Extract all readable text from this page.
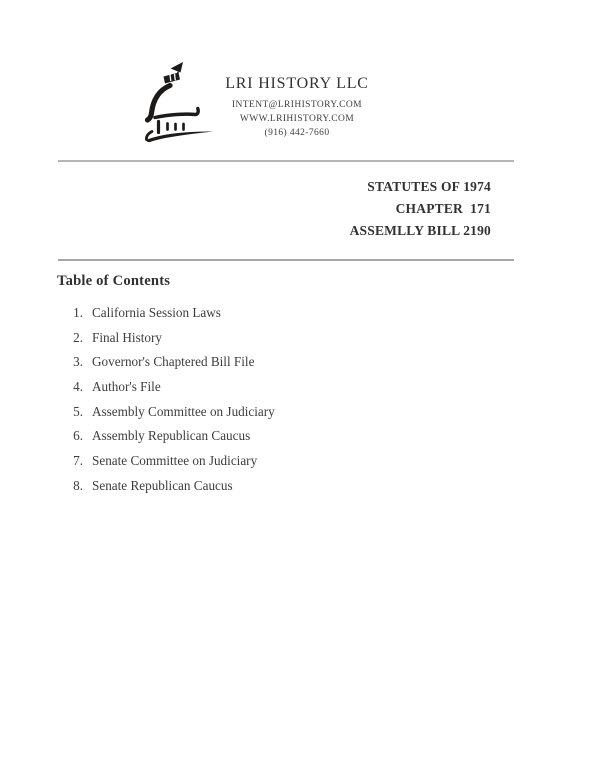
LRI HISTORY LLC
INTENT@LRIHISTORY.COM
WWW.LRIHISTORY.COM
(916) 442-7660
STATUTES OF 1974
CHAPTER  171
ASSEMLLY BILL 2190
Table of Contents
1. California Session Laws
2. Final History
3. Governor's Chaptered Bill File
4. Author's File
5. Assembly Committee on Judiciary
6. Assembly Republican Caucus
7. Senate Committee on Judiciary
8. Senate Republican Caucus
